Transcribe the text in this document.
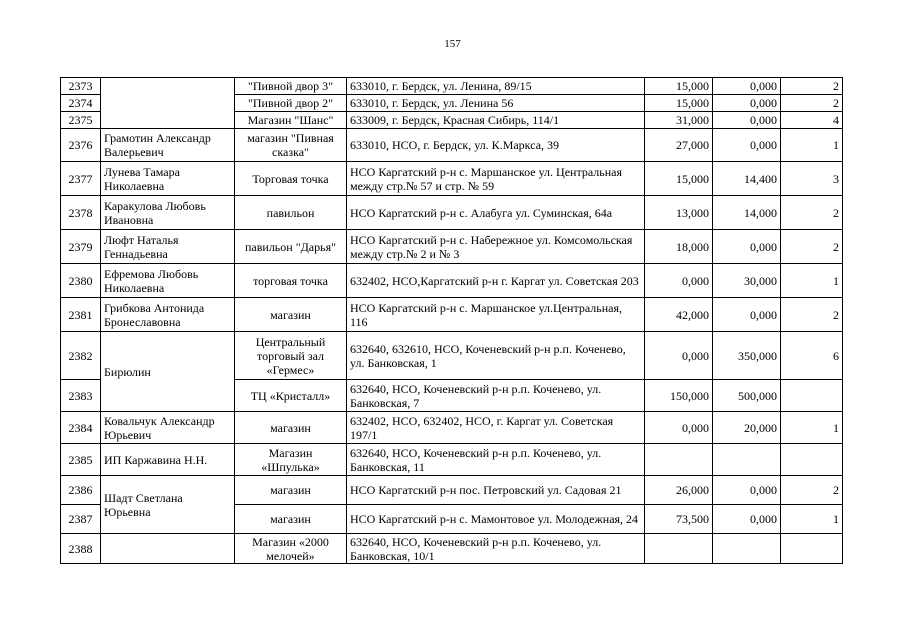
157
2373		"Пивной двор 3"	633010, г. Бердск, ул. Ленина, 89/15	15,000	0,000	2
2374		"Пивной двор 2"	633010, г. Бердск, ул. Ленина 56	15,000	0,000	2
2375		Магазин "Шанс"	633009, г. Бердск, Красная Сибирь, 114/1	31,000	0,000	4
2376	Грамотин Александр Валерьевич	магазин "Пивная сказка"	633010, НСО, г. Бердск, ул. К.Маркса, 39	27,000	0,000	1
2377	Лунева Тамара Николаевна	Торговая точка	НСО Каргатский р-н с. Маршанское ул. Центральная между стр.№ 57 и стр. № 59	15,000	14,400	3
2378	Каракулова Любовь Ивановна	павильон	НСО Каргатский р-н с. Алабуга ул. Суминская, 64а	13,000	14,000	2
2379	Люфт Наталья Геннадьевна	павильон "Дарья"	НСО Каргатский р-н с. Набережное ул. Комсомольская между стр.№ 2 и № 3	18,000	0,000	2
2380	Ефремова Любовь Николаевна	торговая точка	632402, НСО,Каргатский р-н г. Каргат ул. Советская 203	0,000	30,000	1
2381	Грибкова Антонида Бронеславовна	магазин	НСО Каргатский р-н с. Маршанское ул.Центральная, 116	42,000	0,000	2
2382	Бирюлин	Центральный торговый зал «Гермес»	632640, 632610, НСО, Коченевский р-н р.п. Коченево, ул. Банковская, 1	0,000	350,000	6
2383		ТЦ «Кристалл»	632640, НСО, Коченевский р-н р.п. Коченево, ул. Банковская, 7	150,000	500,000	
2384	Ковальчук Александр Юрьевич	магазин	632402, НСО, 632402, НСО, г. Каргат ул. Советская 197/1	0,000	20,000	1
2385	ИП Каржавина Н.Н.	Магазин «Шпулька»	632640, НСО, Коченевский р-н р.п. Коченево, ул. Банковская, 11			
2386	Шадт Светлана Юрьевна	магазин	НСО Каргатский р-н пос. Петровский ул. Садовая 21	26,000	0,000	2
2387		магазин	НСО Каргатский р-н с. Мамонтовое ул. Молодежная, 24	73,500	0,000	1
2388		Магазин «2000 мелочей»	632640, НСО, Коченевский р-н р.п. Коченево, ул. Банковская, 10/1			
